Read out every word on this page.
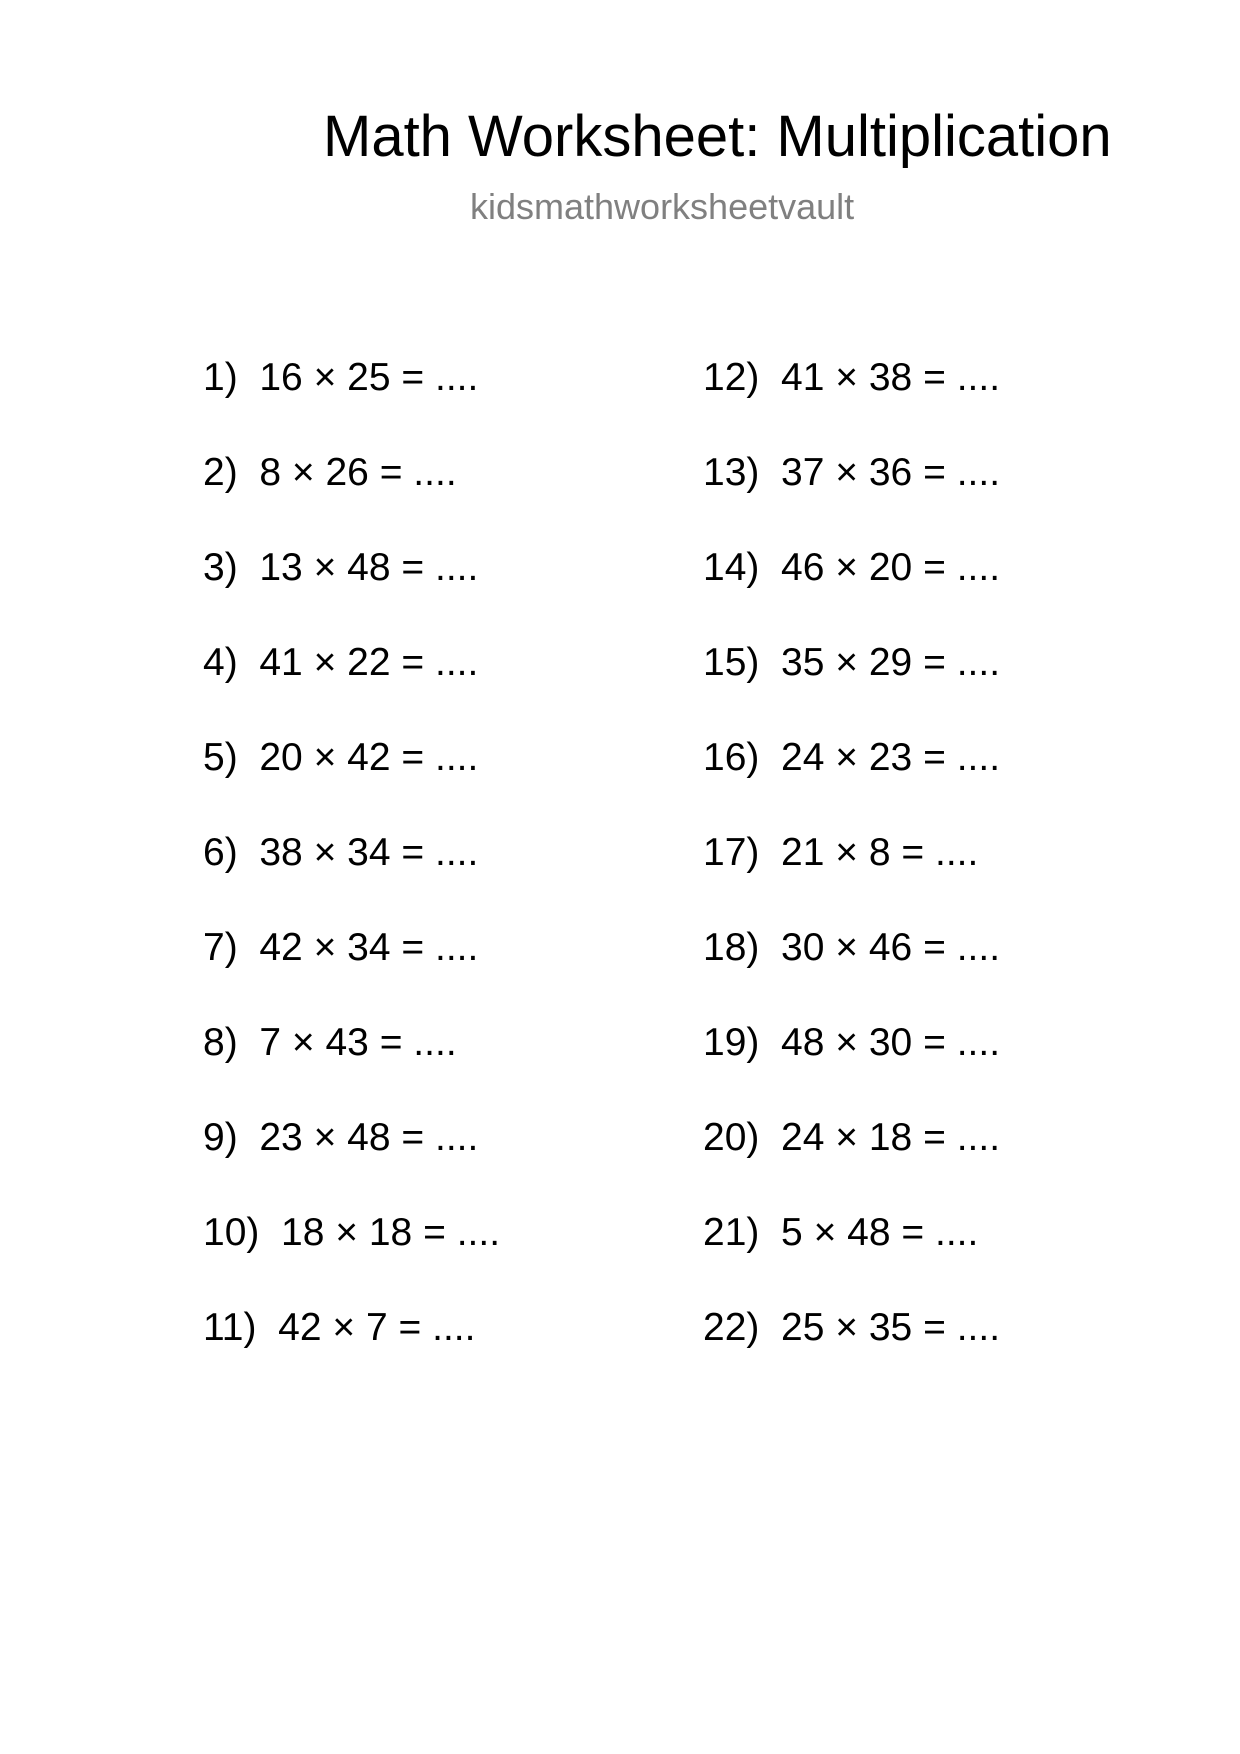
Math Worksheet: Multiplication
kidsmathworksheetvault
1)  16 × 25 = ....
2)  8 × 26 = ....
3)  13 × 48 = ....
4)  41 × 22 = ....
5)  20 × 42 = ....
6)  38 × 34 = ....
7)  42 × 34 = ....
8)  7 × 43 = ....
9)  23 × 48 = ....
10)  18 × 18 = ....
11)  42 × 7 = ....
12)  41 × 38 = ....
13)  37 × 36 = ....
14)  46 × 20 = ....
15)  35 × 29 = ....
16)  24 × 23 = ....
17)  21 × 8 = ....
18)  30 × 46 = ....
19)  48 × 30 = ....
20)  24 × 18 = ....
21)  5 × 48 = ....
22)  25 × 35 = ....
